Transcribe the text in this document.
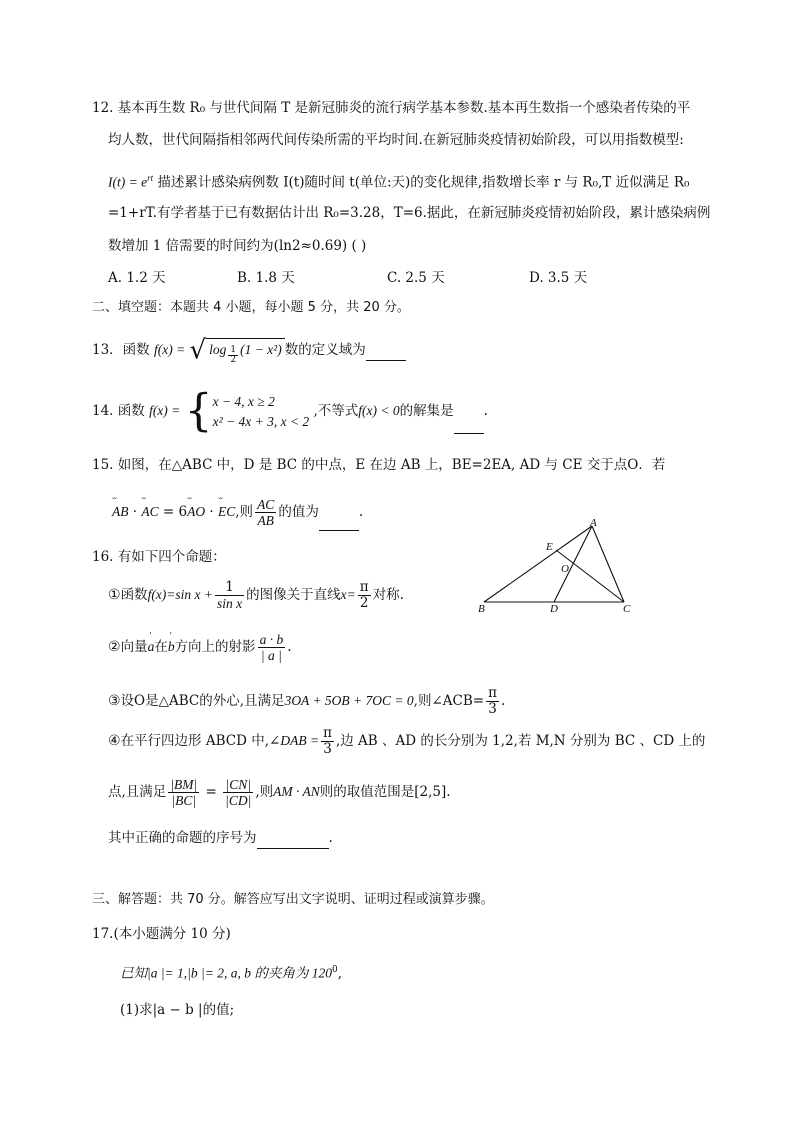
12. 基本再生数 R₀ 与世代间隔 T 是新冠肺炎的流行病学基本参数.基本再生数指一个感染者传染的平
均人数，世代间隔指相邻两代间传染所需的平均时间.在新冠肺炎疫情初始阶段，可以用指数模型:
$I(t) = e^{rt}$ 描述累计感染病例数 I(t)随时间 t(单位:天)的变化规律,指数增长率 r 与 R₀,T 近似满足 R₀
=1+rT.有学者基于已有数据估计出 R₀=3.28，T=6.据此，在新冠肺炎疫情初始阶段，累计感染病例
数增加 1 倍需要的时间约为(ln2≈0.69) ( )
A. 1.2 天	B. 1.8 天	C. 2.5 天	D. 3.5 天
二、填空题：本题共 4 小题，每小题 5 分，共 20 分。
13．函数 f(x) = √ $\log \frac{1}{2} (1 - x^2)$ 数的定义域为
14. 函数 f(x) = { x − 4, x ≥ 2
x² − 4x + 3, x < 2
,不等式f(x) < 0的解集是 .
15. 如图，在△ABC 中，D 是 BC 的中点，E 在边 AB 上，BE=2EA, AD 与 CE 交于点O．若
˘˘ AB · ˘˘ AC = 6˘˘ AO · ˘˘ EC,则 $\frac{AC}{AB}$ 的值为	.
16. 有如下四个命题：
①函数f(x)=sin $x + \frac{1}{\text{sin x}}$ 的图像关于直线$x= \frac{\pi}{2}$ 对称.
②向量' a在' b方向上的射影 $\frac{a \cdot b}{| a |}$ .
③设O是△ABC的外心,且满足3OA + 5OB + 7OC = 0,则∠ACB= $\frac{\pi}{3}$ .
④在平行四边形 ABCD 中,∠DAB = $\frac{\pi}{3}$ ,边 AB 、AD 的长分别为 1,2,若 M,N 分别为 BC 、CD 上的
点,且满足 $\frac{|BM|}{|BC|} = \frac{|CN|}{|CD|}$ ,则AM · AN则的取值范围是[2,5].
其中正确的命题的序号为	.
A
E
O
B	D	C
三、解答题：共 70 分。解答应写出文字说明、证明过程或演算步骤。
17.(本小题满分 10 分)
已知|a |= 1,|b |= 2, a, b 的夹角为 $120^0$,
(1)求|a − b |的值;
